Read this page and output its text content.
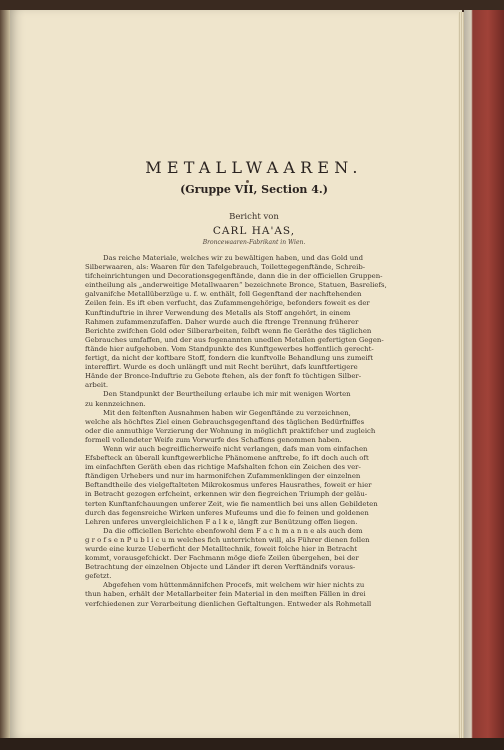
METALLWAAREN.
(Gruppe VII, Section 4.)
Bericht von
CARL HA'AS,
Broncewaaren-Fabrikant in Wien.
Das reiche Materiale, welches wir zu bewältigen haben, und das Gold und
Silberwaaren, als: Waaren für den Tafelgebrauch, Toilettegegenftände, Schreib-
tifcheinrichtungen und Decorationsgegenftände, dann die in der officiellen Gruppen-
eintheilung als „anderweitige Metallwaaren“ bezeichnete Bronce, Statuen, Basreliefs,
galvanifche Metallüberzüge u. f. w. enthält, foll Gegenftand der nachftehenden
Zeilen fein. Es ift eben verfucht, das Zufammengehörige, befonders foweit es der
Kunftinduftrie in ihrer Verwendung des Metalls als Stoff angehört, in einem
Rahmen zufammenzufaffen. Daher wurde auch die ftrenge Trennung früherer
Berichte zwifchen Gold oder Silberarbeiten, felbft wenn fie Geräthe des täglichen
Gebrauches umfaffen, und der aus fogenannten unedlen Metallen gefertigten Gegen-
ftände hier aufgehoben. Vom Standpunkte des Kunftgewerbes hoffentlich gerecht-
fertigt, da nicht der koftbare Stoff, fondern die kunftvolle Behandlung uns zumeift
intereffirt. Wurde es doch unlängft und mit Recht berührt, dafs kunftfertigere
Hände der Bronce-Induftrie zu Gebote ftehen, als der fonft fo tüchtigen Silber-
arbeit.
Den Standpunkt der Beurtheilung erlaube ich mir mit wenigen Worten
zu kennzeichnen.
Mit den feltenften Ausnahmen haben wir Gegenftände zu verzeichnen,
welche als höchftes Ziel einen Gebrauchsgegenftand des täglichen Bedürfniffes
oder die anmuthige Verzierung der Wohnung in möglichft praktifcher und zugleich
formell vollendeter Weife zum Vorwurfe des Schaffens genommen haben.
Wenn wir auch begreiflicherweife nicht verlangen, dafs man vom einfachen
Efsbefteck an überall kunftgewerbliche Phänomene anftrebe, fo ift doch auch oft
im einfachften Geräth eben das richtige Mafshalten fchon ein Zeichen des ver-
ftändigen Urhebers und nur im harmonifchen Zufammenklingen der einzelnen
Beftandtheile des vielgeftalteten Mikrokosmus unferes Hausrathes, foweit er hier
in Betracht gezogen erfcheint, erkennen wir den fiegreichen Triumph der geläu-
terten Kunftanfchauungen unferer Zeit, wie fie namentlich bei uns allen Gebildeten
durch das fegensreiche Wirken unferes Mufeums und die fo feinen und goldenen
Lehren unferes unvergleichlichen F a l k e, längft zur Benützung offen liegen.
Da die officiellen Berichte ebenfowohl dem F a c h m a n n e als auch dem
g r o f s e n P u b l i c u m welches fich unterrichten will, als Führer dienen follen
wurde eine kurze Ueberficht der Metalltechnik, foweit folche hier in Betracht
kommt, vorausgefchickt. Der Fachmann möge diefe Zeilen übergehen, bei der
Betrachtung der einzelnen Objecte und Länder ift deren Verftändnifs voraus-
gefetzt.
Abgefehen vom hüttenmännifchen Procefs, mit welchem wir hier nichts zu
thun haben, erhält der Metallarbeiter fein Material in den meiften Fällen in drei
verfchiedenen zur Verarbeitung dienlichen Geftaltungen. Entweder als Rohmetall
